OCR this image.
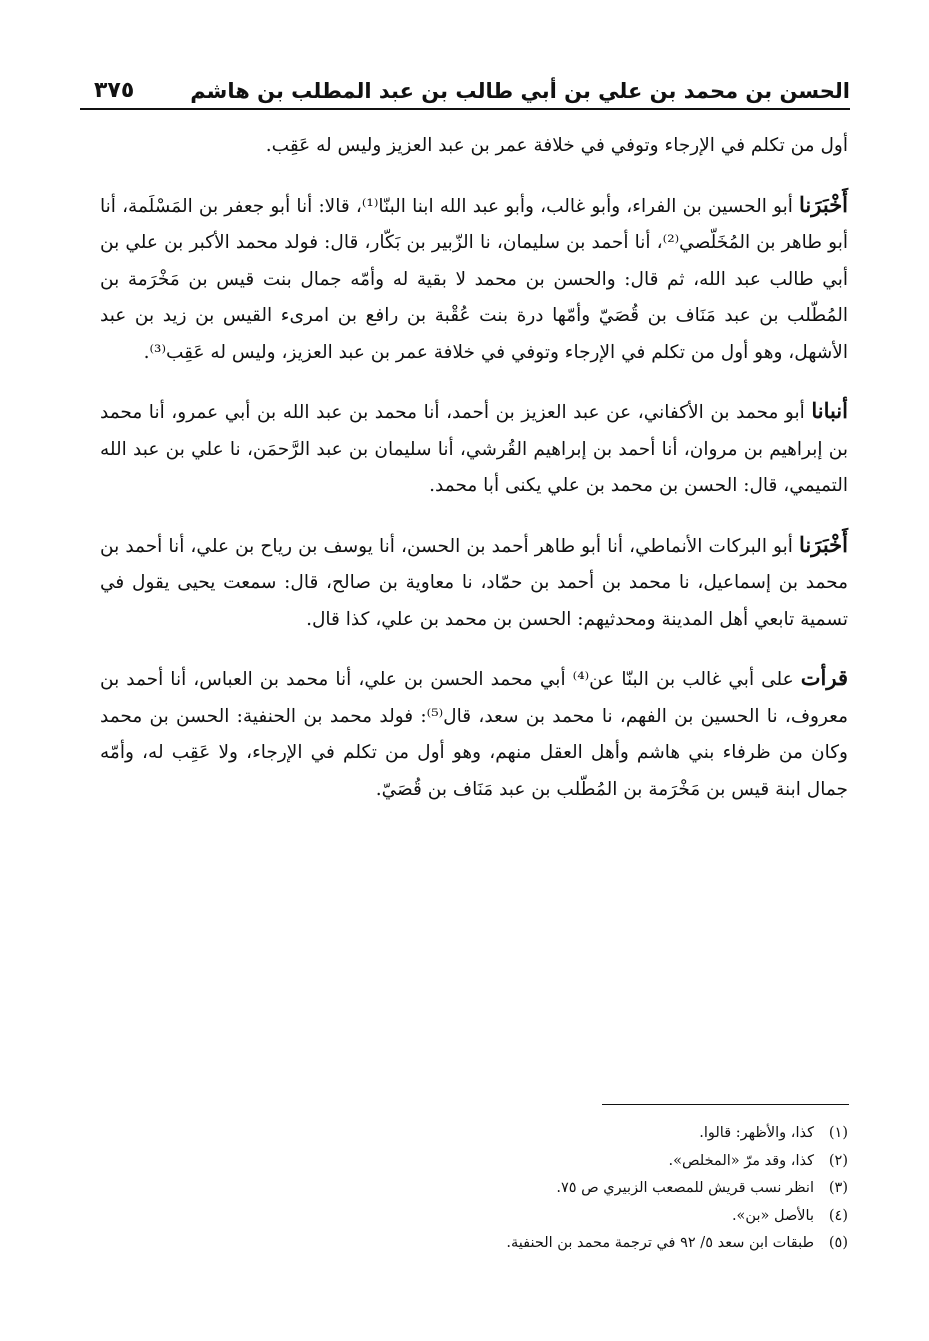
الحسن بن محمد بن علي بن أبي طالب بن عبد المطلب بن هاشم
٣٧٥

أول من تكلم في الإرجاء وتوفي في خلافة عمر بن عبد العزيز وليس له عَقِب.

أَخْبَرَنا أبو الحسين بن الفراء، وأبو غالب، وأبو عبد الله ابنا البنّا⁽¹⁾، قالا: أنا أبو جعفر بن المَسْلَمة، أنا أبو طاهر بن المُخَلّصي⁽²⁾، أنا أحمد بن سليمان، نا الزّبير بن بَكّار، قال: فولد محمد الأكبر بن علي بن أبي طالب عبد الله، ثم قال: والحسن بن محمد لا بقية له وأمّه جمال بنت قيس بن مَخْرَمة بن المُطّلب بن عبد مَنَاف بن قُصَيّ وأمّها درة بنت عُقْبة بن رافع بن امرىء القيس بن زيد بن عبد الأشهل، وهو أول من تكلم في الإرجاء وتوفي في خلافة عمر بن عبد العزيز، وليس له عَقِب⁽³⁾.

أنبانا أبو محمد بن الأكفاني، عن عبد العزيز بن أحمد، أنا محمد بن عبد الله بن أبي عمرو، أنا محمد بن إبراهيم بن مروان، أنا أحمد بن إبراهيم القُرشي، أنا سليمان بن عبد الرَّحمَن، نا علي بن عبد الله التميمي، قال: الحسن بن محمد بن علي يكنى أبا محمد.

أَخْبَرَنا أبو البركات الأنماطي، أنا أبو طاهر أحمد بن الحسن، أنا يوسف بن رياح بن علي، أنا أحمد بن محمد بن إسماعيل، نا محمد بن أحمد بن حمّاد، نا معاوية بن صالح، قال: سمعت يحيى يقول في تسمية تابعي أهل المدينة ومحدثيهم: الحسن بن محمد بن علي، كذا قال.

قرأت على أبي غالب بن البنّا عن⁽⁴⁾ أبي محمد الحسن بن علي، أنا محمد بن العباس، أنا أحمد بن معروف، نا الحسين بن الفهم، نا محمد بن سعد، قال⁽⁵⁾: فولد محمد بن الحنفية: الحسن بن محمد وكان من ظرفاء بني هاشم وأهل العقل منهم، وهو أول من تكلم في الإرجاء، ولا عَقِب له، وأمّه جمال ابنة قيس بن مَخْرَمة بن المُطّلب بن عبد مَنَاف بن قُصَيّ.

(١)
كذا، والأظهر: قالوا.
(٢)
كذا، وقد مرّ «المخلص».
(٣)
انظر نسب قريش للمصعب الزبيري ص ٧٥.
(٤)
بالأصل «بن».
(٥)
طبقات ابن سعد ٥/ ٩٢ في ترجمة محمد بن الحنفية.
